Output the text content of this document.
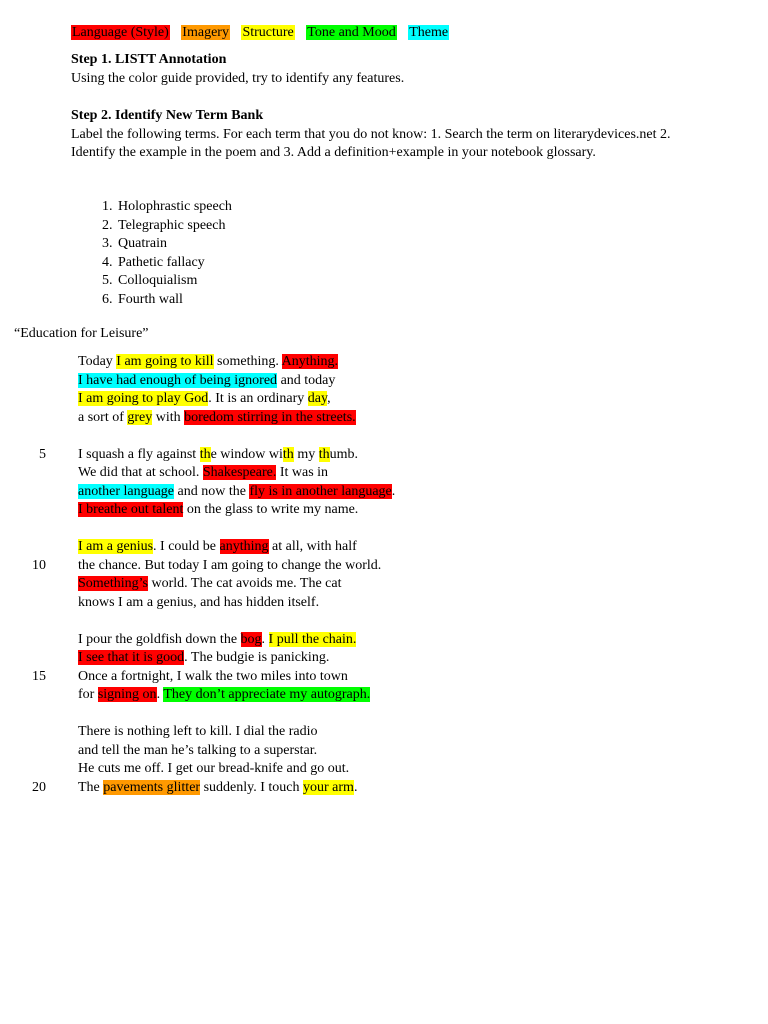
Language (Style) Imagery Structure Tone and Mood Theme
Step 1. LISTT Annotation

Using the color guide provided, try to identify any features.

Step 2. Identify New Term Bank

Label the following terms. For each term that you do not know: 1. Search the term on literarydevices.net 2. Identify the example in the poem and 3. Add a definition+example in your notebook glossary.

1. Holophrastic speech
2. Telegraphic speech
3. Quatrain
4. Pathetic fallacy
5. Colloquialism
6. Fourth wall
“Education for Leisure”
Today I am going to kill something. Anything.
I have had enough of being ignored and today
I am going to play God. It is an ordinary day,
a sort of grey with boredom stirring in the streets.
5 I squash a fly against the window with my thumb.
We did that at school. Shakespeare. It was in
another language and now the fly is in another language.
I breathe out talent on the glass to write my name.
I am a genius. I could be anything at all, with half
10 the chance. But today I am going to change the world.
Something’s world. The cat avoids me. The cat
knows I am a genius, and has hidden itself.
I pour the goldfish down the bog. I pull the chain.
I see that it is good. The budgie is panicking.
15 Once a fortnight, I walk the two miles into town
for signing on. They don’t appreciate my autograph.
There is nothing left to kill. I dial the radio
and tell the man he’s talking to a superstar.
He cuts me off. I get our bread-knife and go out.
20 The pavements glitter suddenly. I touch your arm.
